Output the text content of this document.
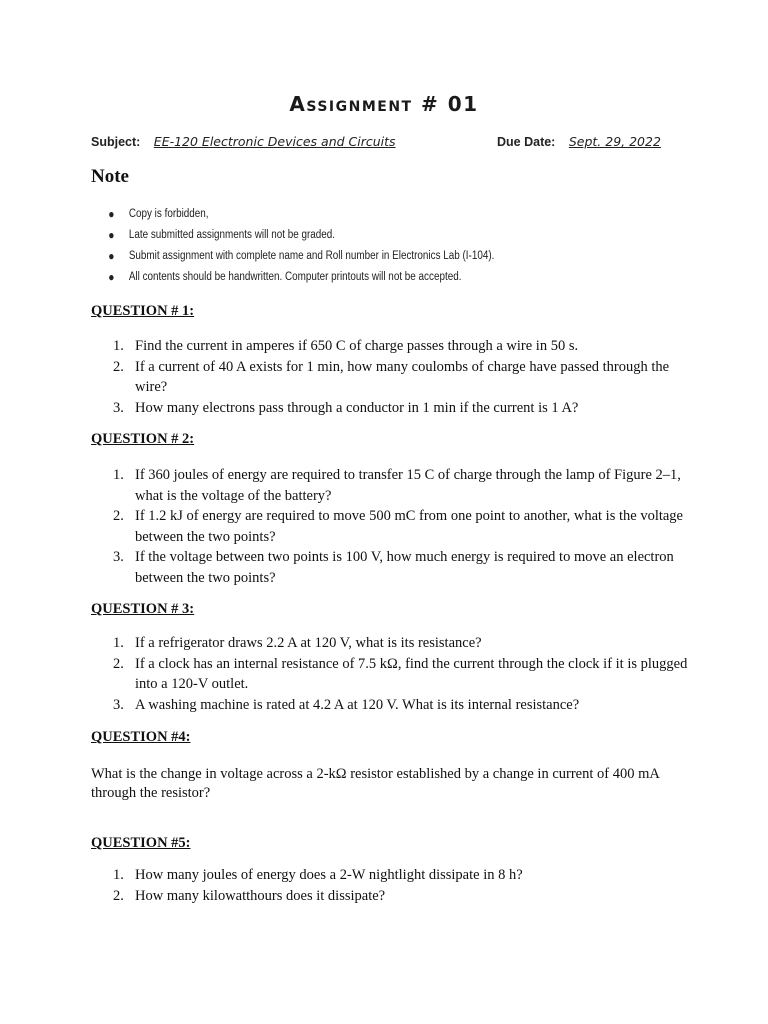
Assignment # 01
Subject: EE-120 Electronic Devices and Circuits	Due Date: Sept. 29, 2022
Note
● Copy is forbidden,
● Late submitted assignments will not be graded.
● Submit assignment with complete name and Roll number in Electronics Lab (I-104).
● All contents should be handwritten. Computer printouts will not be accepted.
QUESTION # 1:
1. Find the current in amperes if 650 C of charge passes through a wire in 50 s.
2. If a current of 40 A exists for 1 min, how many coulombs of charge have passed through the wire?
3. How many electrons pass through a conductor in 1 min if the current is 1 A?
QUESTION # 2:
1. If 360 joules of energy are required to transfer 15 C of charge through the lamp of Figure 2–1, what is the voltage of the battery?
2. If 1.2 kJ of energy are required to move 500 mC from one point to another, what is the voltage between the two points?
3. If the voltage between two points is 100 V, how much energy is required to move an electron between the two points?
QUESTION # 3:
1. If a refrigerator draws 2.2 A at 120 V, what is its resistance?
2. If a clock has an internal resistance of 7.5 kΩ, find the current through the clock if it is plugged into a 120-V outlet.
3. A washing machine is rated at 4.2 A at 120 V. What is its internal resistance?
QUESTION #4:
What is the change in voltage across a 2-kΩ resistor established by a change in current of 400 mA through the resistor?
QUESTION #5:
1. How many joules of energy does a 2-W nightlight dissipate in 8 h?
2. How many kilowatthours does it dissipate?
